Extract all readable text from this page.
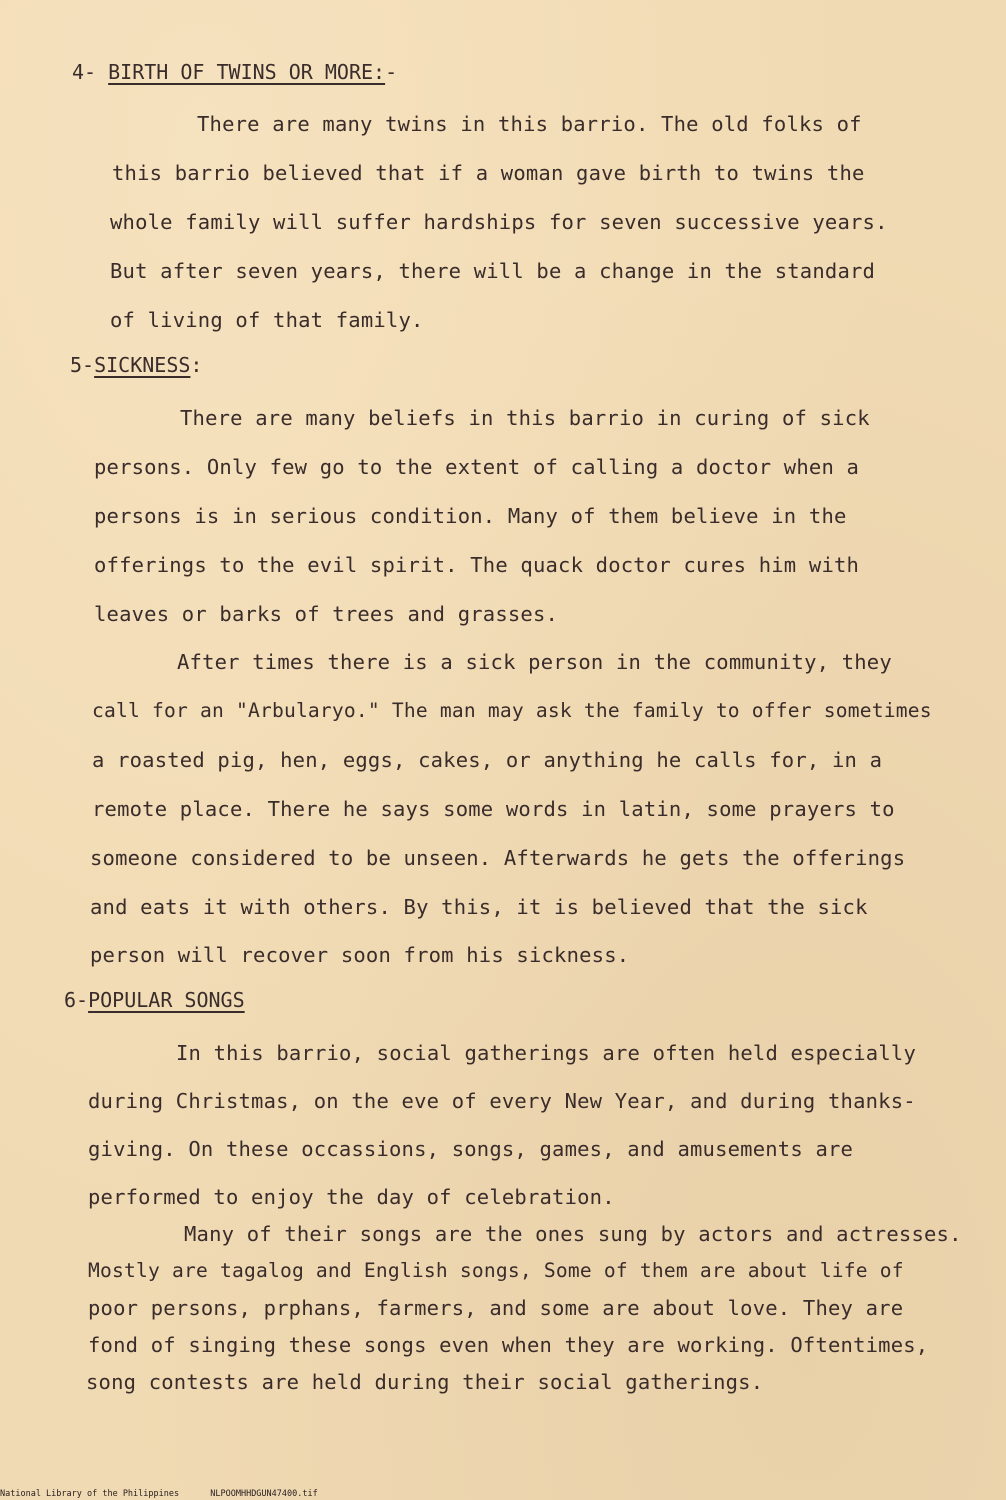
4- BIRTH OF TWINS OR MORE:-
There are many twins in this barrio. The old folks of
this barrio believed that if a woman gave birth to twins the
whole family will suffer hardships for seven successive years.
But after seven years, there will be a change in the standard
of living of that family.
5-SICKNESS:
There are many beliefs in this barrio in curing of sick
persons. Only few go to the extent of calling a doctor when a
persons is in serious condition. Many of them believe in the
offerings to the evil spirit. The quack doctor cures him with
leaves or barks of trees and grasses.
After times there is a sick person in the community, they
call for an "Arbularyo." The man may ask the family to offer sometimes
a roasted pig, hen, eggs, cakes, or anything he calls for, in a
remote place. There he says some words in latin, some prayers to
someone considered to be unseen. Afterwards he gets the offerings
and eats it with others. By this, it is believed that the sick
person will recover soon from his sickness.
6-POPULAR SONGS
In this barrio, social gatherings are often held especially
during Christmas, on the eve of every New Year, and during thanks-
giving. On these occassions, songs, games, and amusements are
performed to enjoy the day of celebration.
Many of their songs are the ones sung by actors and actresses.
Mostly are tagalog and English songs, Some of them are about life of
poor persons, prphans, farmers, and some are about love. They are
fond of singing these songs even when they are working. Oftentimes,
song contests are held during their social gatherings.
National Library of the Philippines	NLPOOMHHDGUN47400.tif
